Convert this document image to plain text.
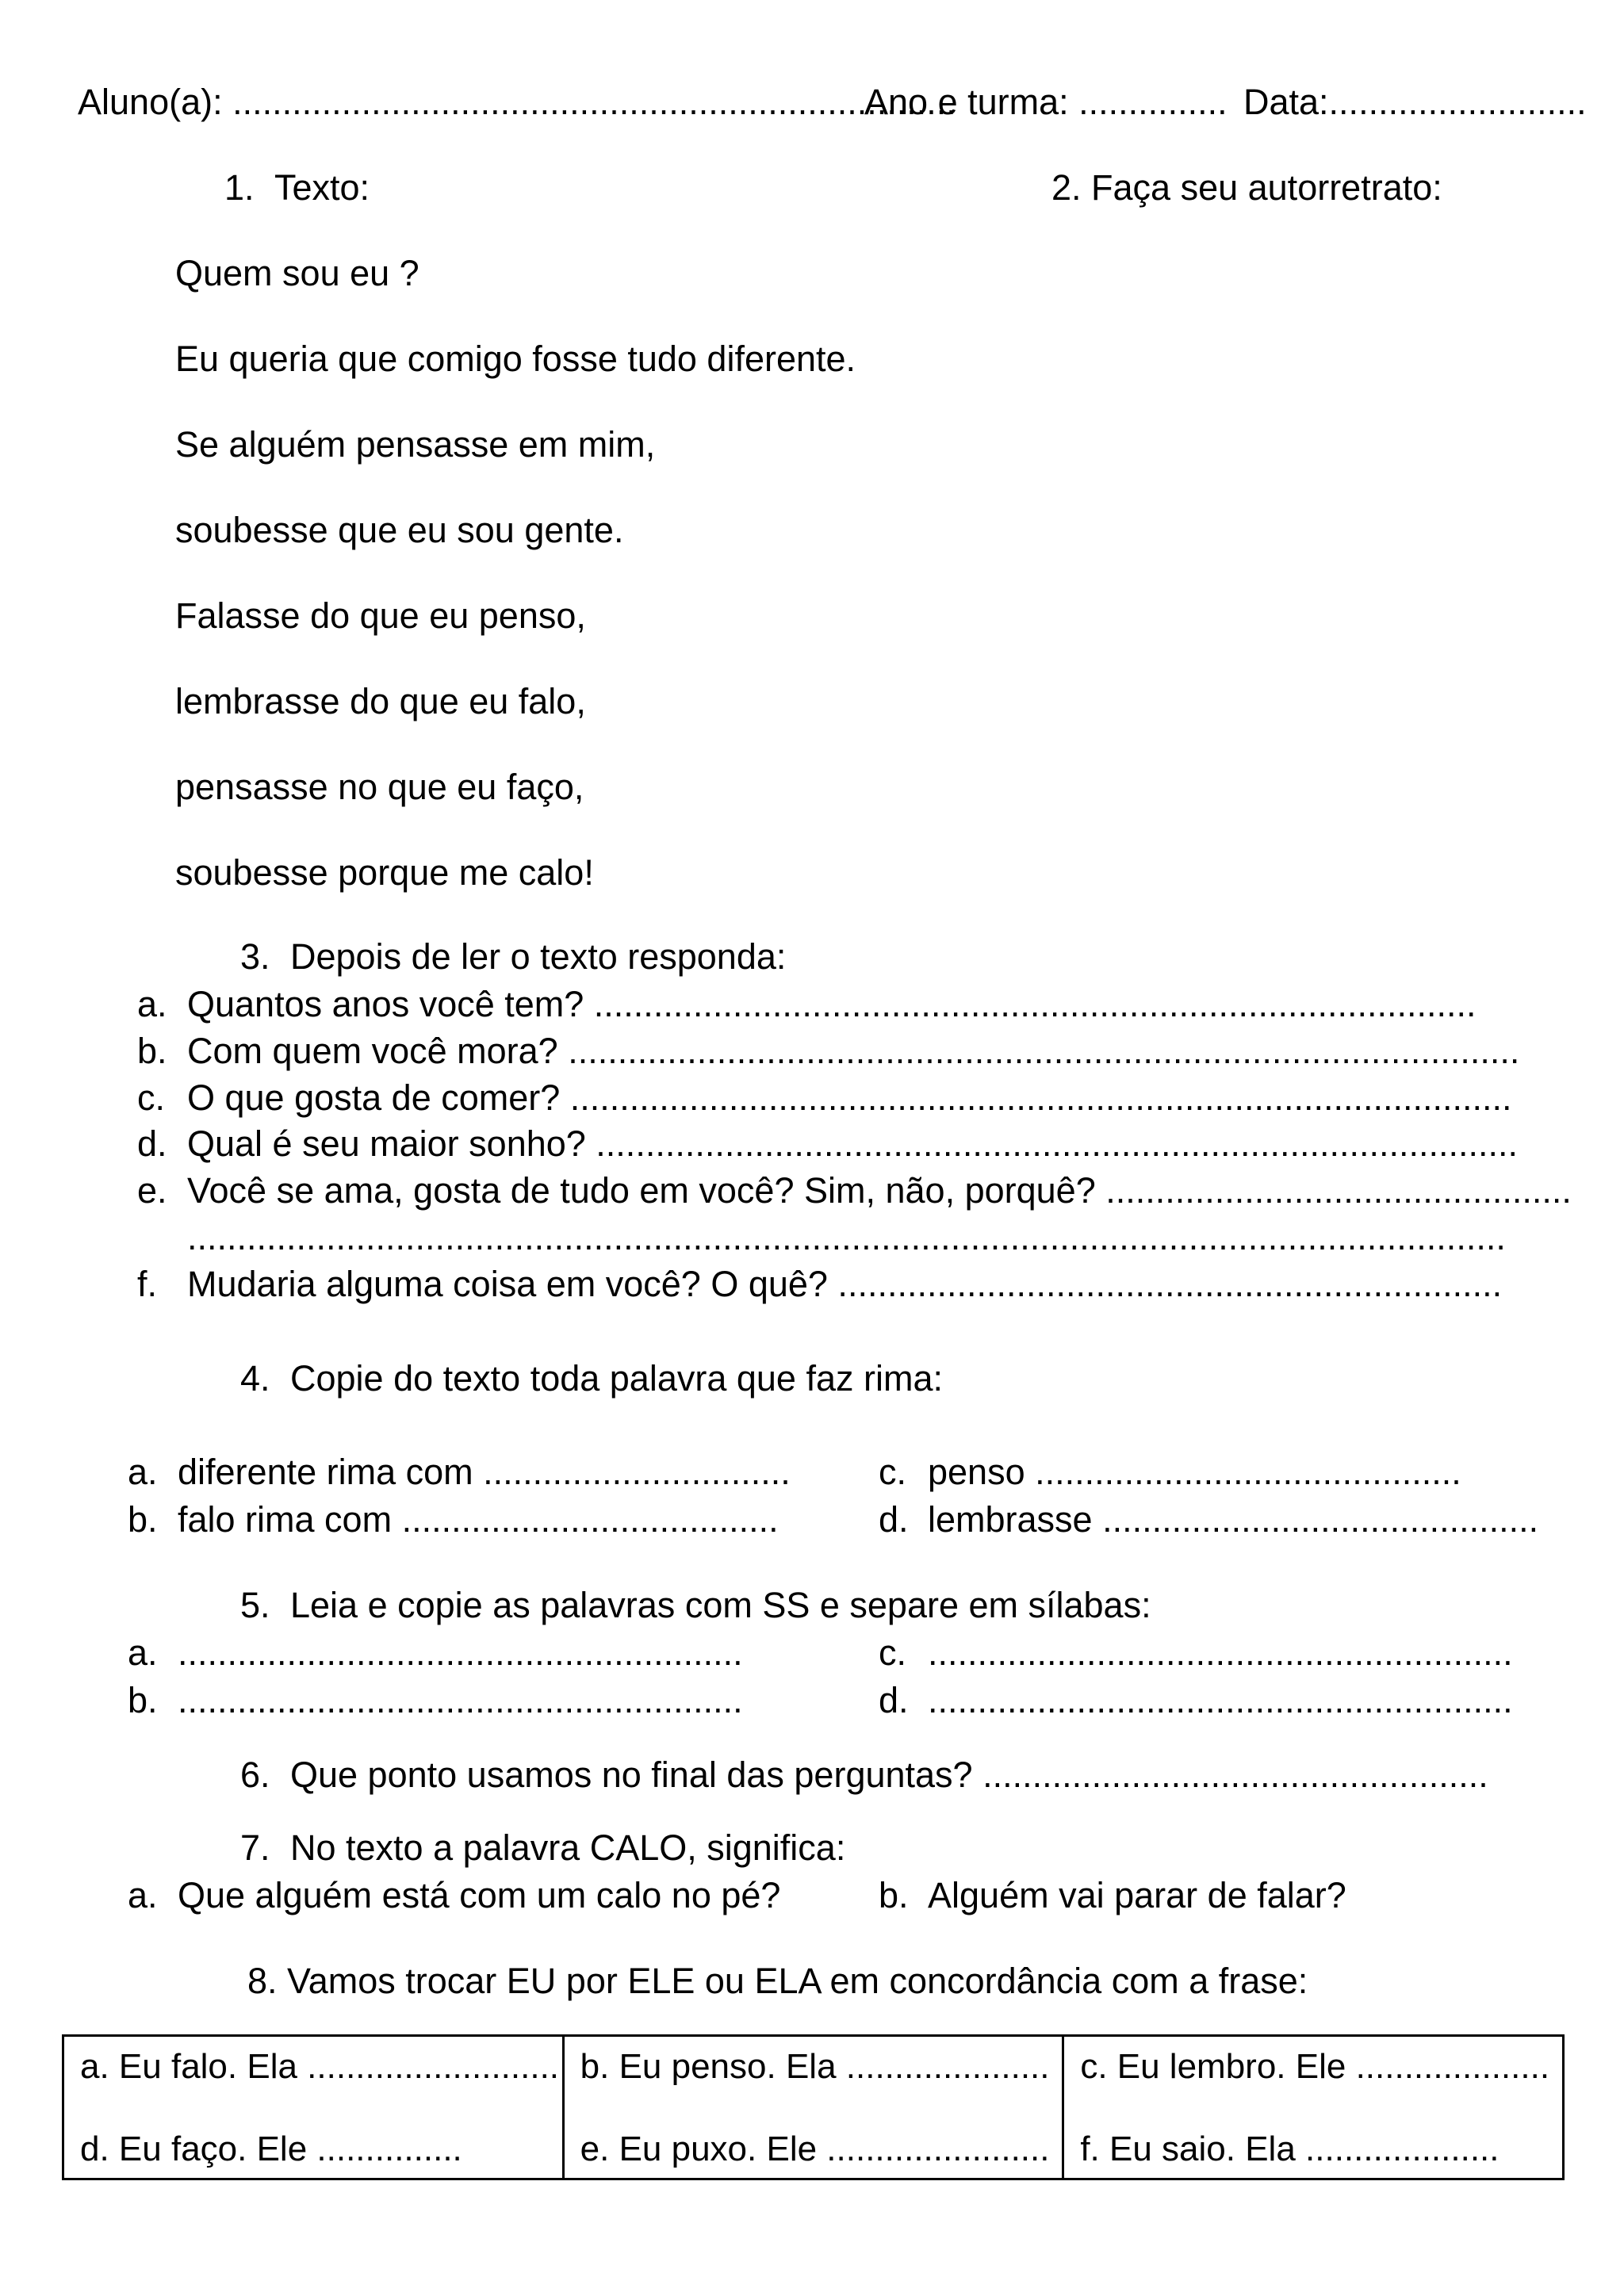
Aluno(a): .........................................................................
Ano e turma: ............... Data:..........................
1. Texto:	2. Faça seu autorretrato:
Quem sou eu ?
Eu queria que comigo fosse tudo diferente.
Se alguém pensasse em mim,
soubesse que eu sou gente.
Falasse do que eu penso,
lembrasse do que eu falo,
pensasse no que eu faço,
soubesse porque me calo!
3. Depois de ler o texto responda:
a. Quantos anos você tem? .........................................................................................
b. Com quem você mora? ................................................................................................
c. O que gosta de comer? ...............................................................................................
d. Qual é seu maior sonho? .............................................................................................
e. Você se ama, gosta de tudo em você? Sim, não, porquê? ...............................................
.....................................................................................................................................
f. Mudaria alguma coisa em você? O quê? ...................................................................
4. Copie do texto toda palavra que faz rima:
a. diferente rima com ............................... c. penso ...........................................
b. falo rima com ......................................	d. lembrasse ............................................
5. Leia e copie as palavras com SS e separe em sílabas:
a. .........................................................	c. ...........................................................
b. .........................................................	d. ...........................................................
6. Que ponto usamos no final das perguntas? ...................................................
7. No texto a palavra CALO, significa:
a. Que alguém está com um calo no pé?	b. Alguém vai parar de falar?
8. Vamos trocar EU por ELE ou ELA em concordância com a frase:
a. Eu falo. Ela ..........................
d. Eu faço. Ele ...............

b. Eu penso. Ela .....................
e. Eu puxo. Ele .......................

c. Eu lembro. Ele ....................
f. Eu saio. Ela ....................
